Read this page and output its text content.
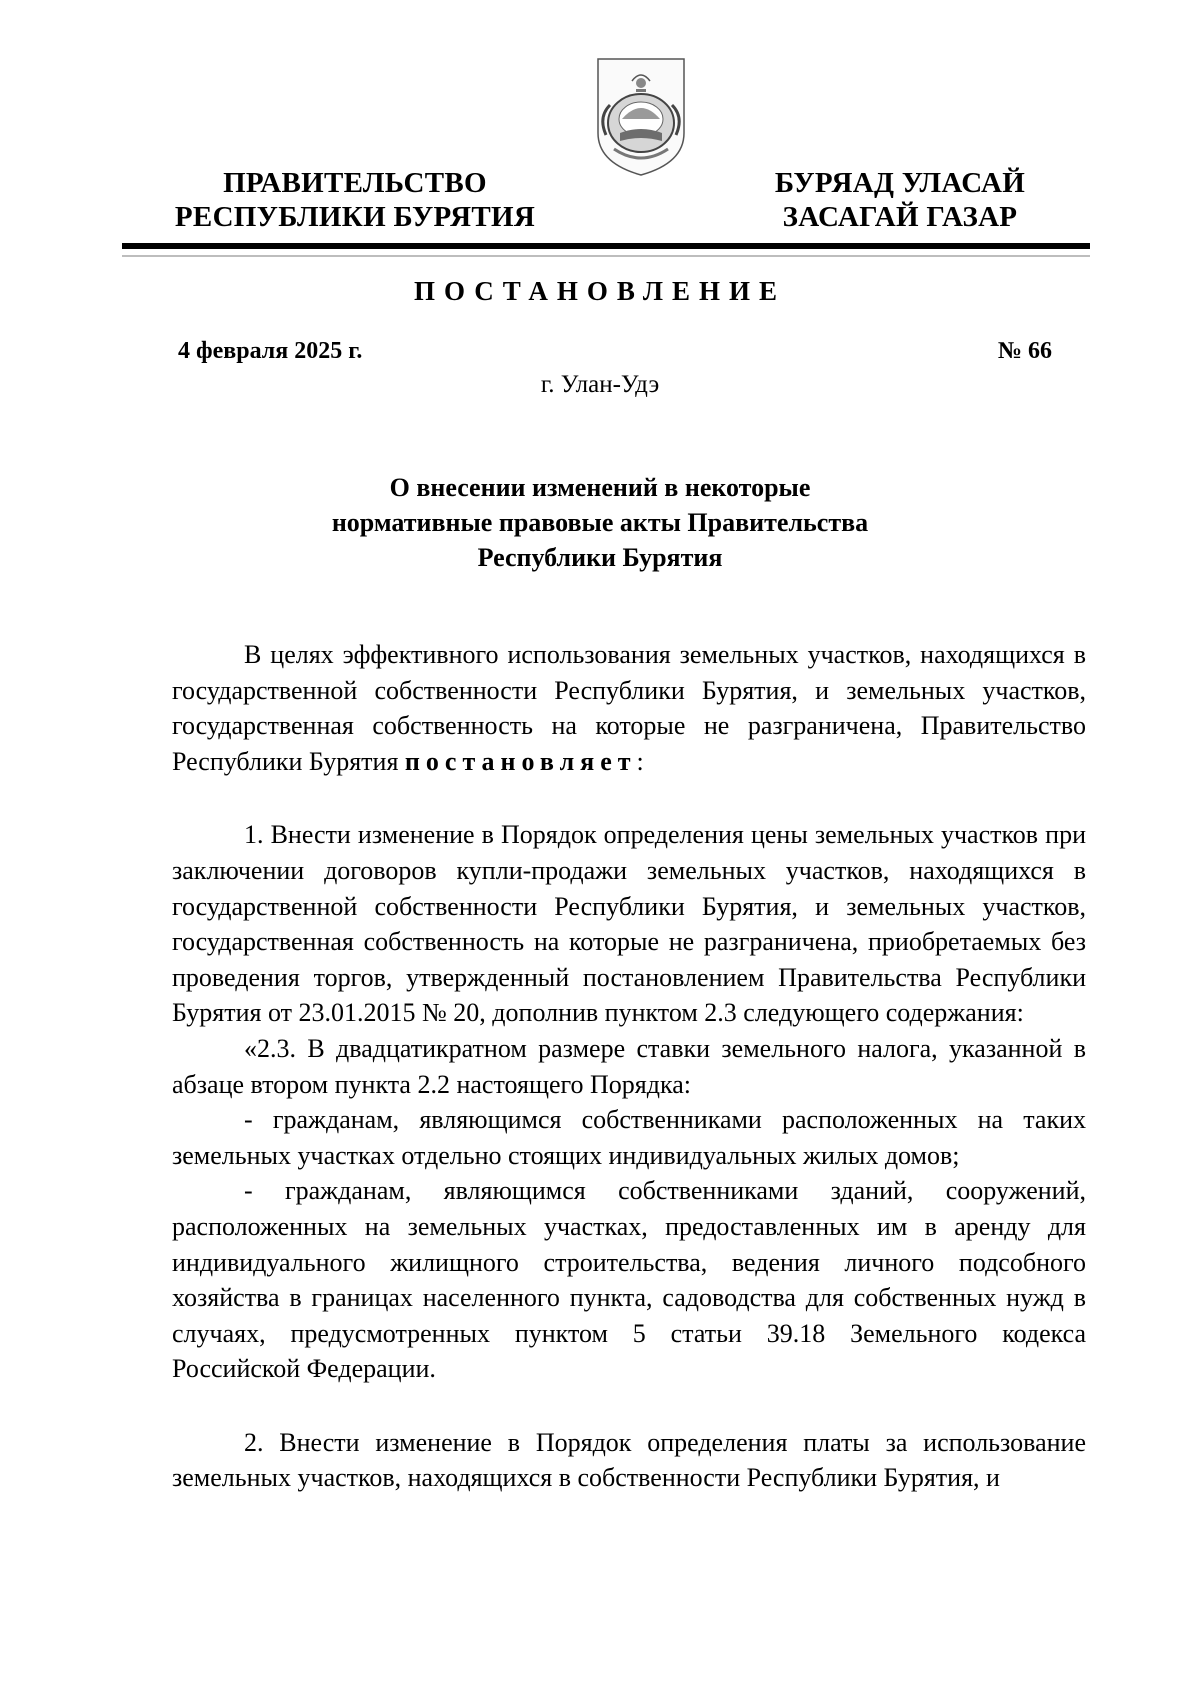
ПРАВИТЕЛЬСТВО
РЕСПУБЛИКИ БУРЯТИЯ
БУРЯАД УЛАСАЙ
ЗАСАГАЙ ГАЗАР
ПОСТАНОВЛЕНИЕ
4 февраля 2025 г.	№ 66
г. Улан-Удэ
О внесении изменений в некоторые
нормативные правовые акты Правительства
Республики Бурятия

В целях эффективного использования земельных участков, находящихся в государственной собственности Республики Бурятия, и земельных участков, государственная собственность на которые не разграничена, Правительство Республики Бурятия постановляет:

1. Внести изменение в Порядок определения цены земельных участков при заключении договоров купли-продажи земельных участков, находящихся в государственной собственности Республики Бурятия, и земельных участков, государственная собственность на которые не разграничена, приобретаемых без проведения торгов, утвержденный постановлением Правительства Республики Бурятия от 23.01.2015 № 20, дополнив пунктом 2.3 следующего содержания:

«2.3. В двадцатикратном размере ставки земельного налога, указанной в абзаце втором пункта 2.2 настоящего Порядка:

- гражданам, являющимся собственниками расположенных на таких земельных участках отдельно стоящих индивидуальных жилых домов;

- гражданам, являющимся собственниками зданий, сооружений, расположенных на земельных участках, предоставленных им в аренду для индивидуального жилищного строительства, ведения личного подсобного хозяйства в границах населенного пункта, садоводства для собственных нужд в случаях, предусмотренных пунктом 5 статьи 39.18 Земельного кодекса Российской Федерации.

2. Внести изменение в Порядок определения платы за использование земельных участков, находящихся в собственности Республики Бурятия, и
